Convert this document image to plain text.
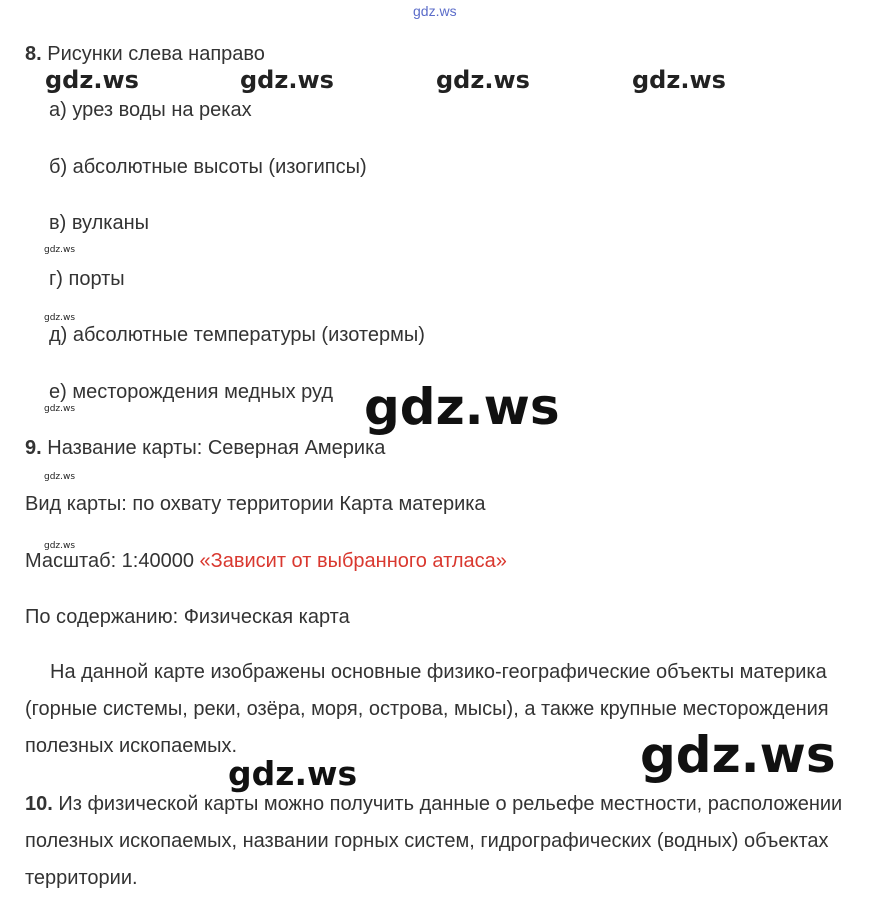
gdz.ws
8. Рисунки слева направо
gdz.ws	gdz.ws	gdz.ws	gdz.ws
а) урез воды на реках
б) абсолютные высоты (изогипсы)
в) вулканы
gdz.ws
г) порты
gdz.ws
д) абсолютные температуры (изотермы)
е) месторождения медных руд
gdz.ws	gdz.ws
9. Название карты: Северная Америка
gdz.ws
Вид карты: по охвату территории Карта материка
gdz.ws
Масштаб: 1:40000 «Зависит от выбранного атласа»
По содержанию: Физическая карта
На данной карте изображены основные физико-географические объекты материка (горные системы, реки, озёра, моря, острова, мысы), а также крупные месторождения полезных ископаемых.	gdz.ws
gdz.ws
10. Из физической карты можно получить данные о рельефе местности, расположении полезных ископаемых, названии горных систем, гидрографических (водных) объектах территории.
